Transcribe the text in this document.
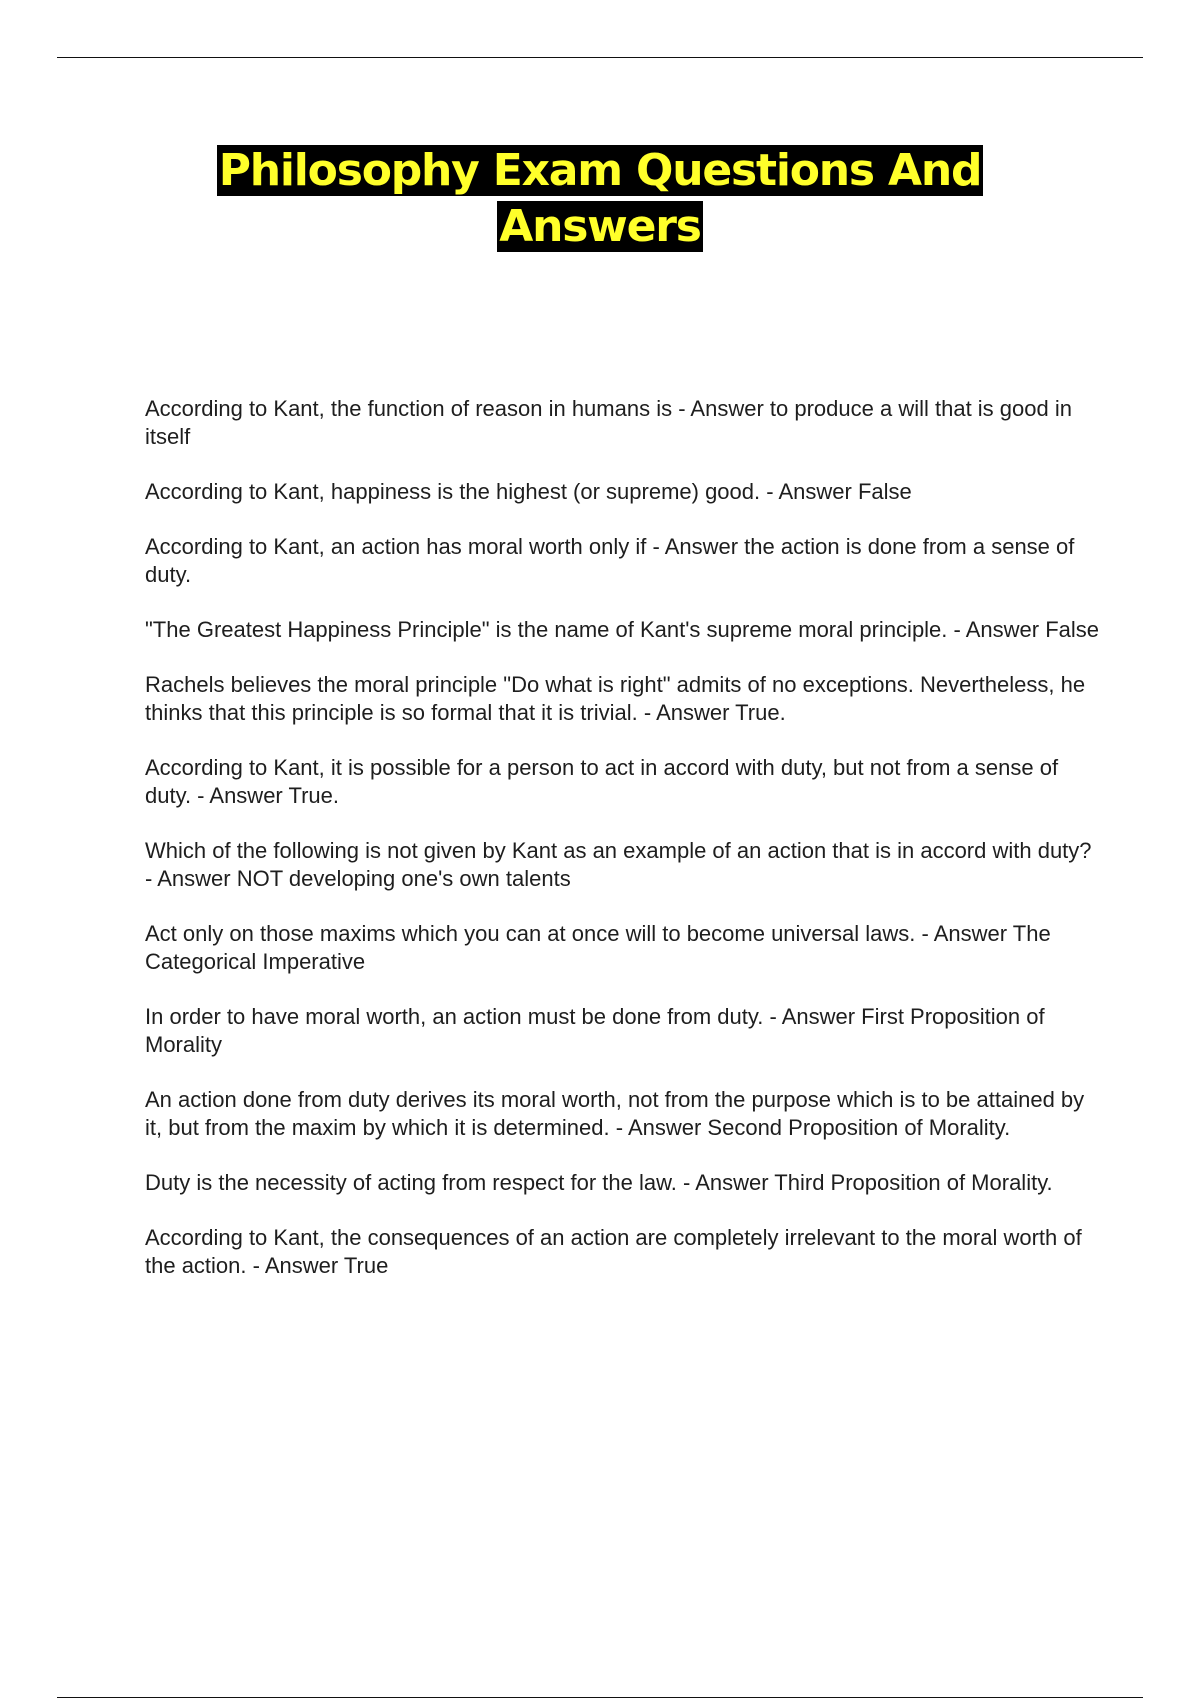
Philosophy Exam Questions And Answers

According to Kant, the function of reason in humans is - Answer to produce a will that is good in itself

According to Kant, happiness is the highest (or supreme) good. - Answer False

According to Kant, an action has moral worth only if - Answer the action is done from a sense of duty.

"The Greatest Happiness Principle" is the name of Kant's supreme moral principle. - Answer False

Rachels believes the moral principle "Do what is right" admits of no exceptions. Nevertheless, he thinks that this principle is so formal that it is trivial. - Answer True.

According to Kant, it is possible for a person to act in accord with duty, but not from a sense of duty. - Answer True.

Which of the following is not given by Kant as an example of an action that is in accord with duty? - Answer NOT developing one's own talents

Act only on those maxims which you can at once will to become universal laws. - Answer The Categorical Imperative

In order to have moral worth, an action must be done from duty. - Answer First Proposition of Morality

An action done from duty derives its moral worth, not from the purpose which is to be attained by it, but from the maxim by which it is determined. - Answer Second Proposition of Morality.

Duty is the necessity of acting from respect for the law. - Answer Third Proposition of Morality.

According to Kant, the consequences of an action are completely irrelevant to the moral worth of the action. - Answer True
